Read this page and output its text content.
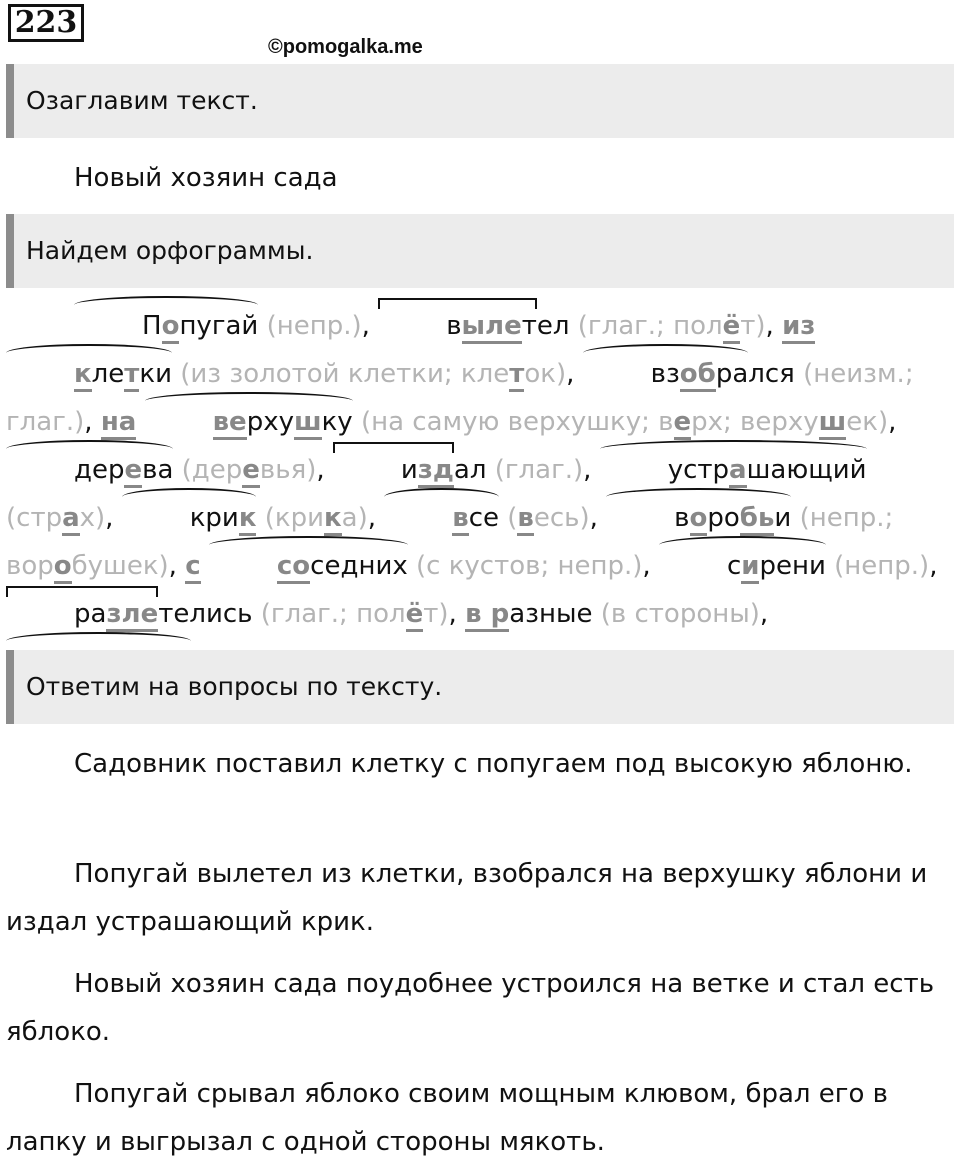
223
©pomogalka.me
Озаглавим текст.

Новый хозяин сада

Найдем орфограммы.
Попугай (непр.),	вылетел (глаг.; полёт), из клетки (из золотой клетки; клеток),	взобрался (неизм.; глаг.), на	верхушку (на самую верхушку; верх; верхушек), дерева (деревья),	издал (глаг.),	устрашающий (страх),	крик (крика),	все (весь),	воробьи (непр.; воробушек), с	соседних (с кустов; непр.),	сирени (непр.), разлетелись (глаг.; полёт), в разные (в стороны),
Ответим на вопросы по тексту.

Садовник поставил клетку с попугаем под высокую яблоню.

Попугай вылетел из клетки, взобрался на верхушку яблони и издал устрашающий крик.

Новый хозяин сада поудобнее устроился на ветке и стал есть яблоко.

Попугай срывал яблоко своим мощным клювом, брал его в лапку и выгрызал с одной стороны мякоть.
